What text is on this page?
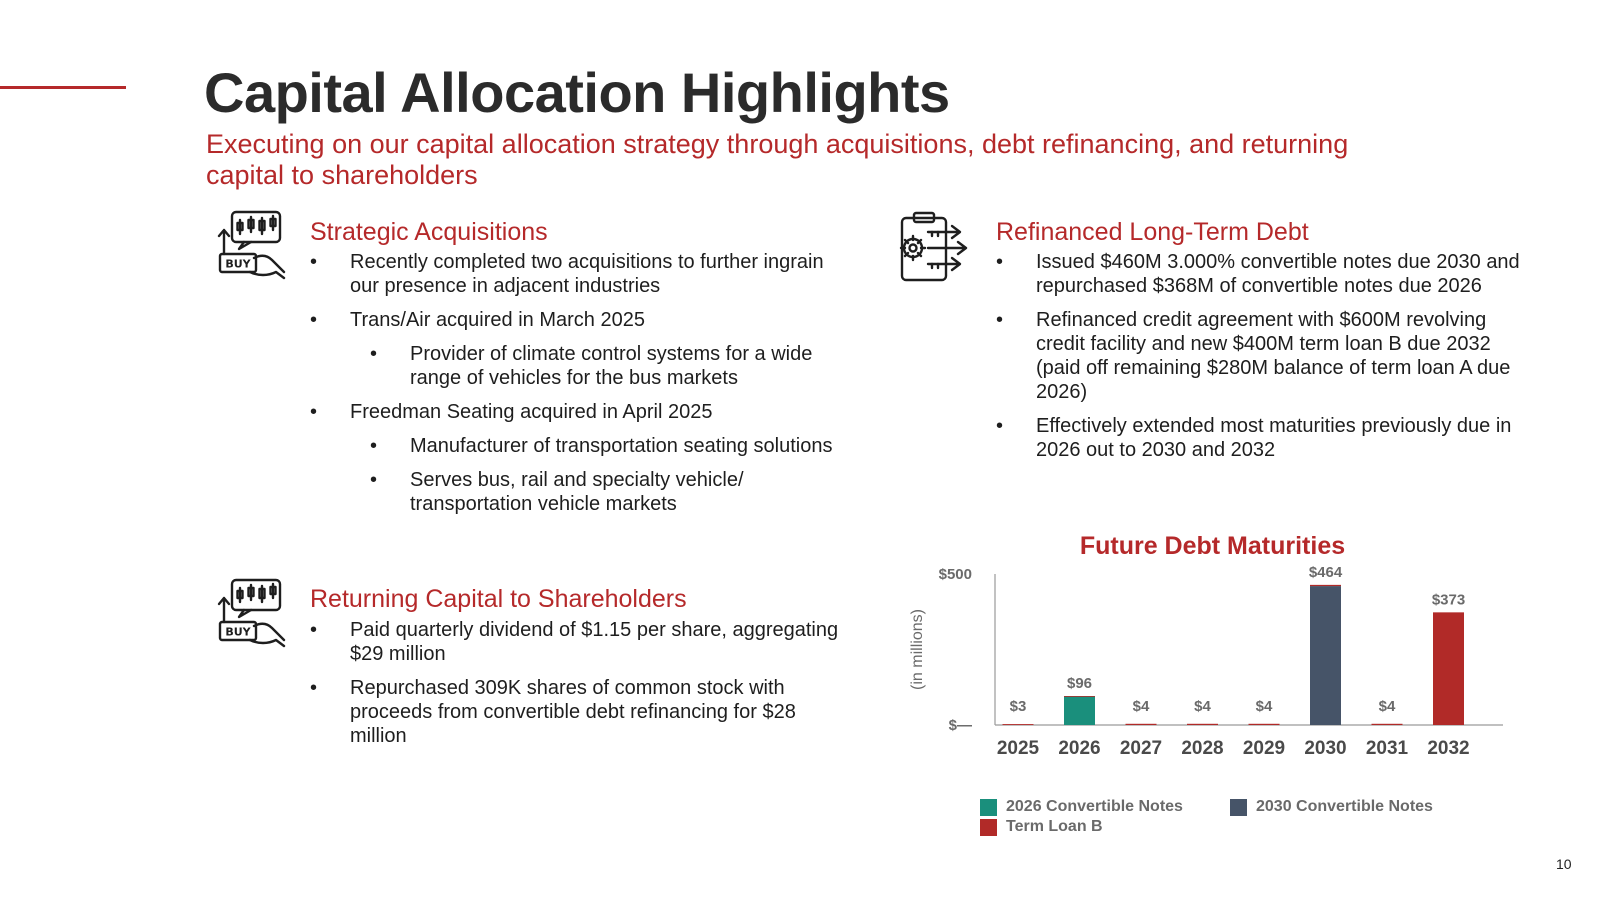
Capital Allocation Highlights

Executing on our capital allocation strategy through acquisitions, debt refinancing, and returning capital to shareholders

BUY
Strategic Acquisitions
• Recently completed two acquisitions to further ingrain our presence in adjacent industries
• Trans/Air acquired in March 2025
• Provider of climate control systems for a wide range of vehicles for the bus markets
• Freedman Seating acquired in April 2025
• Manufacturer of transportation seating solutions
• Serves bus, rail and specialty vehicle/ transportation vehicle markets
BUY
Returning Capital to Shareholders
• Paid quarterly dividend of $1.15 per share, aggregating $29 million
• Repurchased 309K shares of common stock with proceeds from convertible debt refinancing for $28 million
Refinanced Long-Term Debt
• Issued $460M 3.000% convertible notes due 2030 and repurchased $368M of convertible notes due 2026
• Refinanced credit agreement with $600M revolving credit facility and new $400M term loan B due 2032 (paid off remaining $280M balance of term loan A due 2026)
• Effectively extended most maturities previously due in 2026 out to 2030 and 2032
Future Debt Maturities
$500
$—
(in millions)
$3
2025
$96
2026
$4
2027
$4
2028
$4
2029
$464
2030
$4
2031
$373
2032
2026 Convertible Notes	2030 Convertible Notes
Term Loan B
10
